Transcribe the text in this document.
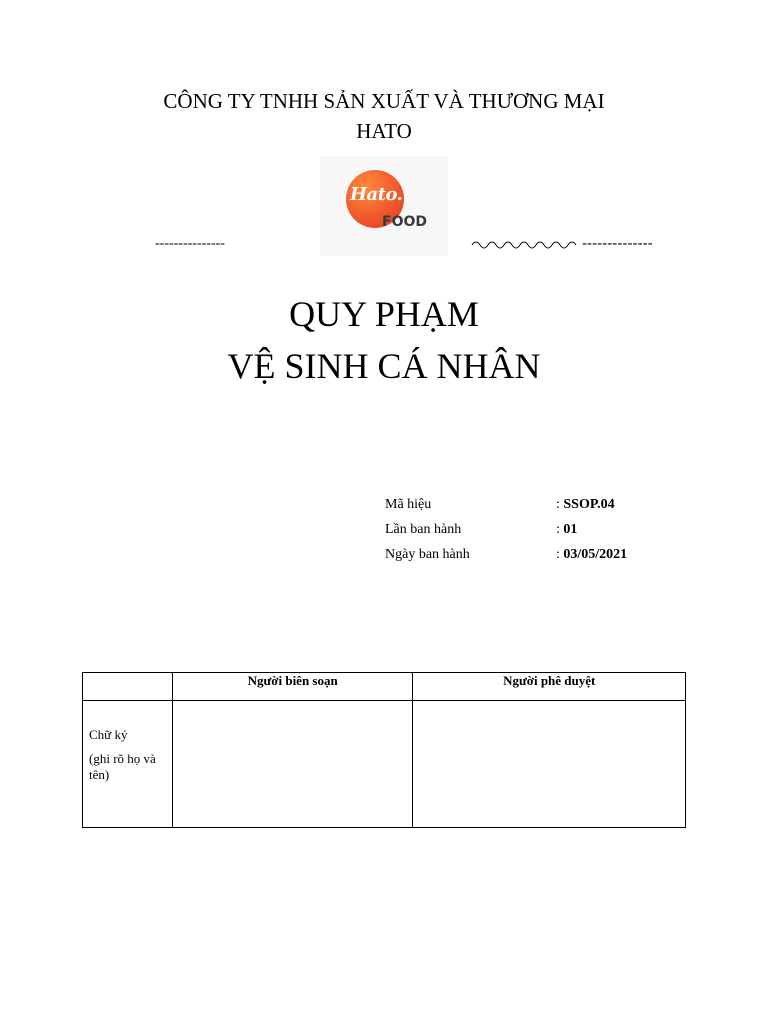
CÔNG TY TNHH SẢN XUẤT VÀ THƯƠNG MẠI
HATO
Hato.
FOOD
---------------	--------------
QUY PHẠM
VỆ SINH CÁ NHÂN
Mã hiệu	: SSOP.04
Lần ban hành	: 01
Ngày ban hành	: 03/05/2021
	Người biên soạn	Người phê duyệt

Chữ ký
(ghi rõ họ và tên)		
